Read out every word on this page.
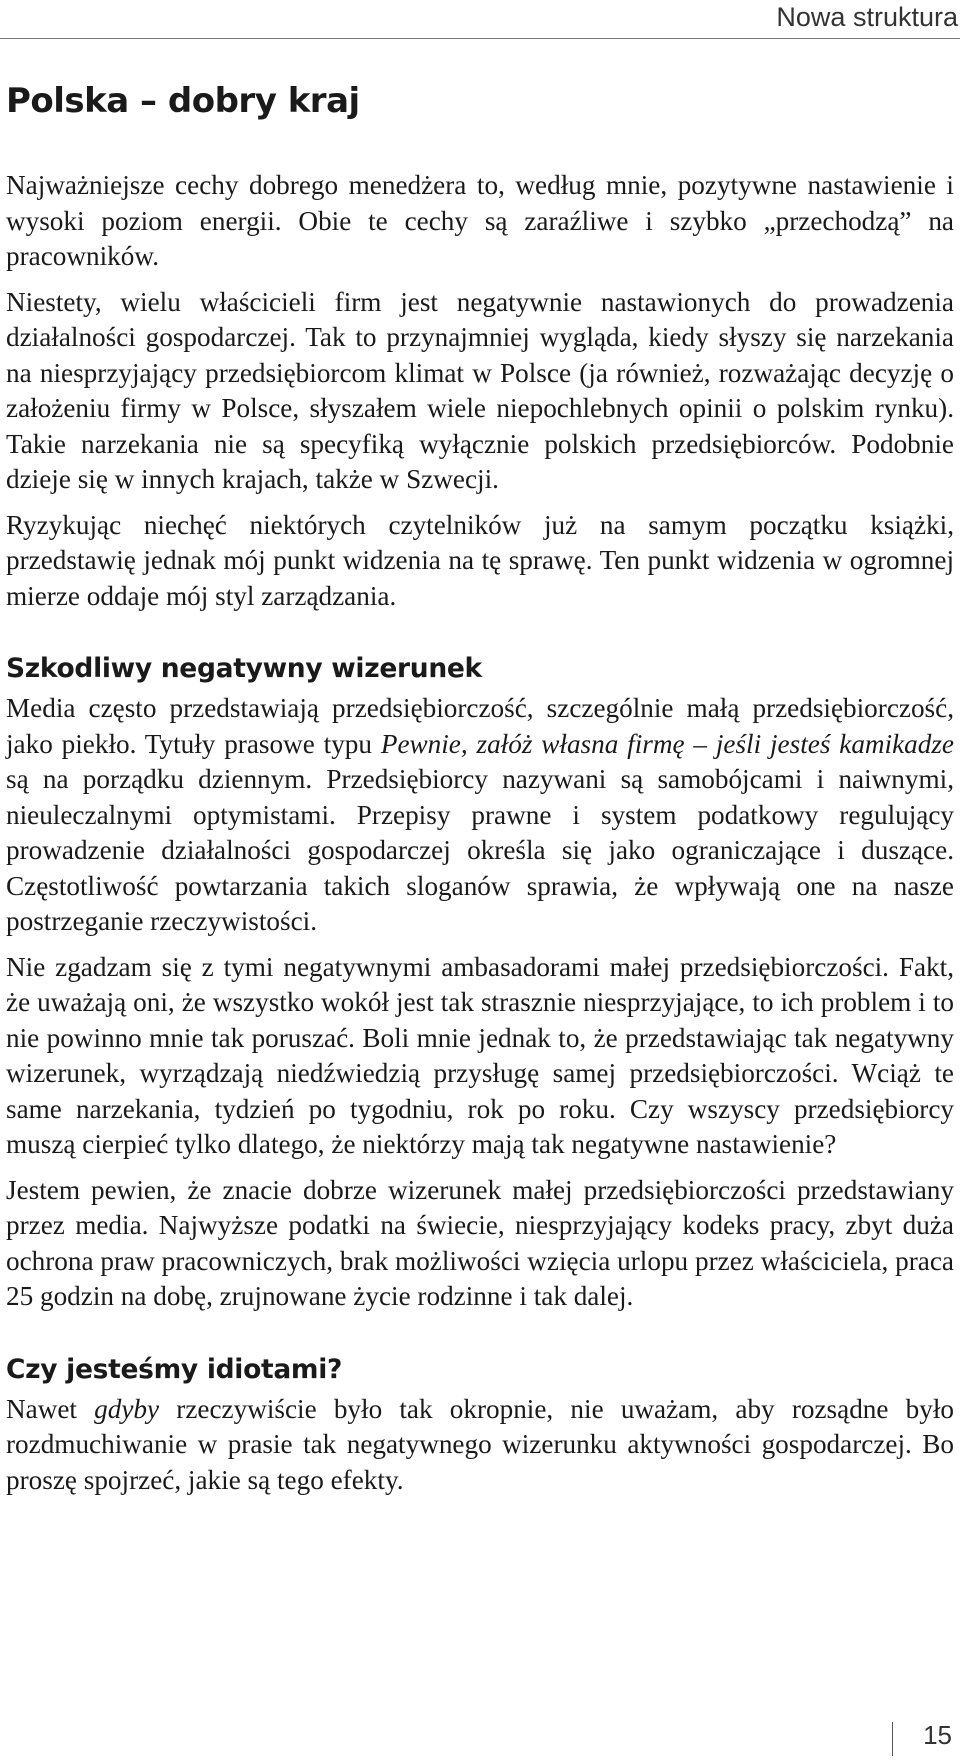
Nowa struktura
Polska – dobry kraj

Najważniejsze cechy dobrego menedżera to, według mnie, pozytywne nastawienie i wysoki poziom energii. Obie te cechy są zaraźliwe i szybko „przechodzą” na pracowników.

Niestety, wielu właścicieli firm jest negatywnie nastawionych do prowadzenia działalności gospodarczej. Tak to przynajmniej wygląda, kiedy słyszy się narzekania na niesprzyjający przedsiębiorcom klimat w Polsce (ja również, rozważając decyzję o założeniu firmy w Polsce, słyszałem wiele niepochlebnych opinii o polskim rynku). Takie narzekania nie są specyfiką wyłącznie polskich przedsiębiorców. Podobnie dzieje się w innych krajach, także w Szwecji.

Ryzykując niechęć niektórych czytelników już na samym początku książki, przedstawię jednak mój punkt widzenia na tę sprawę. Ten punkt widzenia w ogromnej mierze oddaje mój styl zarządzania.

Szkodliwy negatywny wizerunek

Media często przedstawiają przedsiębiorczość, szczególnie małą przedsiębiorczość, jako piekło. Tytuły prasowe typu Pewnie, załóż własna firmę – jeśli jesteś kamikadze są na porządku dziennym. Przedsiębiorcy nazywani są samobójcami i naiwnymi, nieuleczalnymi optymistami. Przepisy prawne i system podatkowy regulujący prowadzenie działalności gospodarczej określa się jako ograniczające i duszące. Częstotliwość powtarzania takich sloganów sprawia, że wpływają one na nasze postrzeganie rzeczywistości.

Nie zgadzam się z tymi negatywnymi ambasadorami małej przedsiębiorczości. Fakt, że uważają oni, że wszystko wokół jest tak strasznie niesprzyjające, to ich problem i to nie powinno mnie tak poruszać. Boli mnie jednak to, że przedstawiając tak negatywny wizerunek, wyrządzają niedźwiedzią przysługę samej przedsiębiorczości. Wciąż te same narzekania, tydzień po tygodniu, rok po roku. Czy wszyscy przedsiębiorcy muszą cierpieć tylko dlatego, że niektórzy mają tak negatywne nastawienie?

Jestem pewien, że znacie dobrze wizerunek małej przedsiębiorczości przedstawiany przez media. Najwyższe podatki na świecie, niesprzyjający kodeks pracy, zbyt duża ochrona praw pracowniczych, brak możliwości wzięcia urlopu przez właściciela, praca 25 godzin na dobę, zrujnowane życie rodzinne i tak dalej.

Czy jesteśmy idiotami?

Nawet gdyby rzeczywiście było tak okropnie, nie uważam, aby rozsądne było rozdmuchiwanie w prasie tak negatywnego wizerunku aktywności gospodarczej. Bo proszę spojrzeć, jakie są tego efekty.

15
